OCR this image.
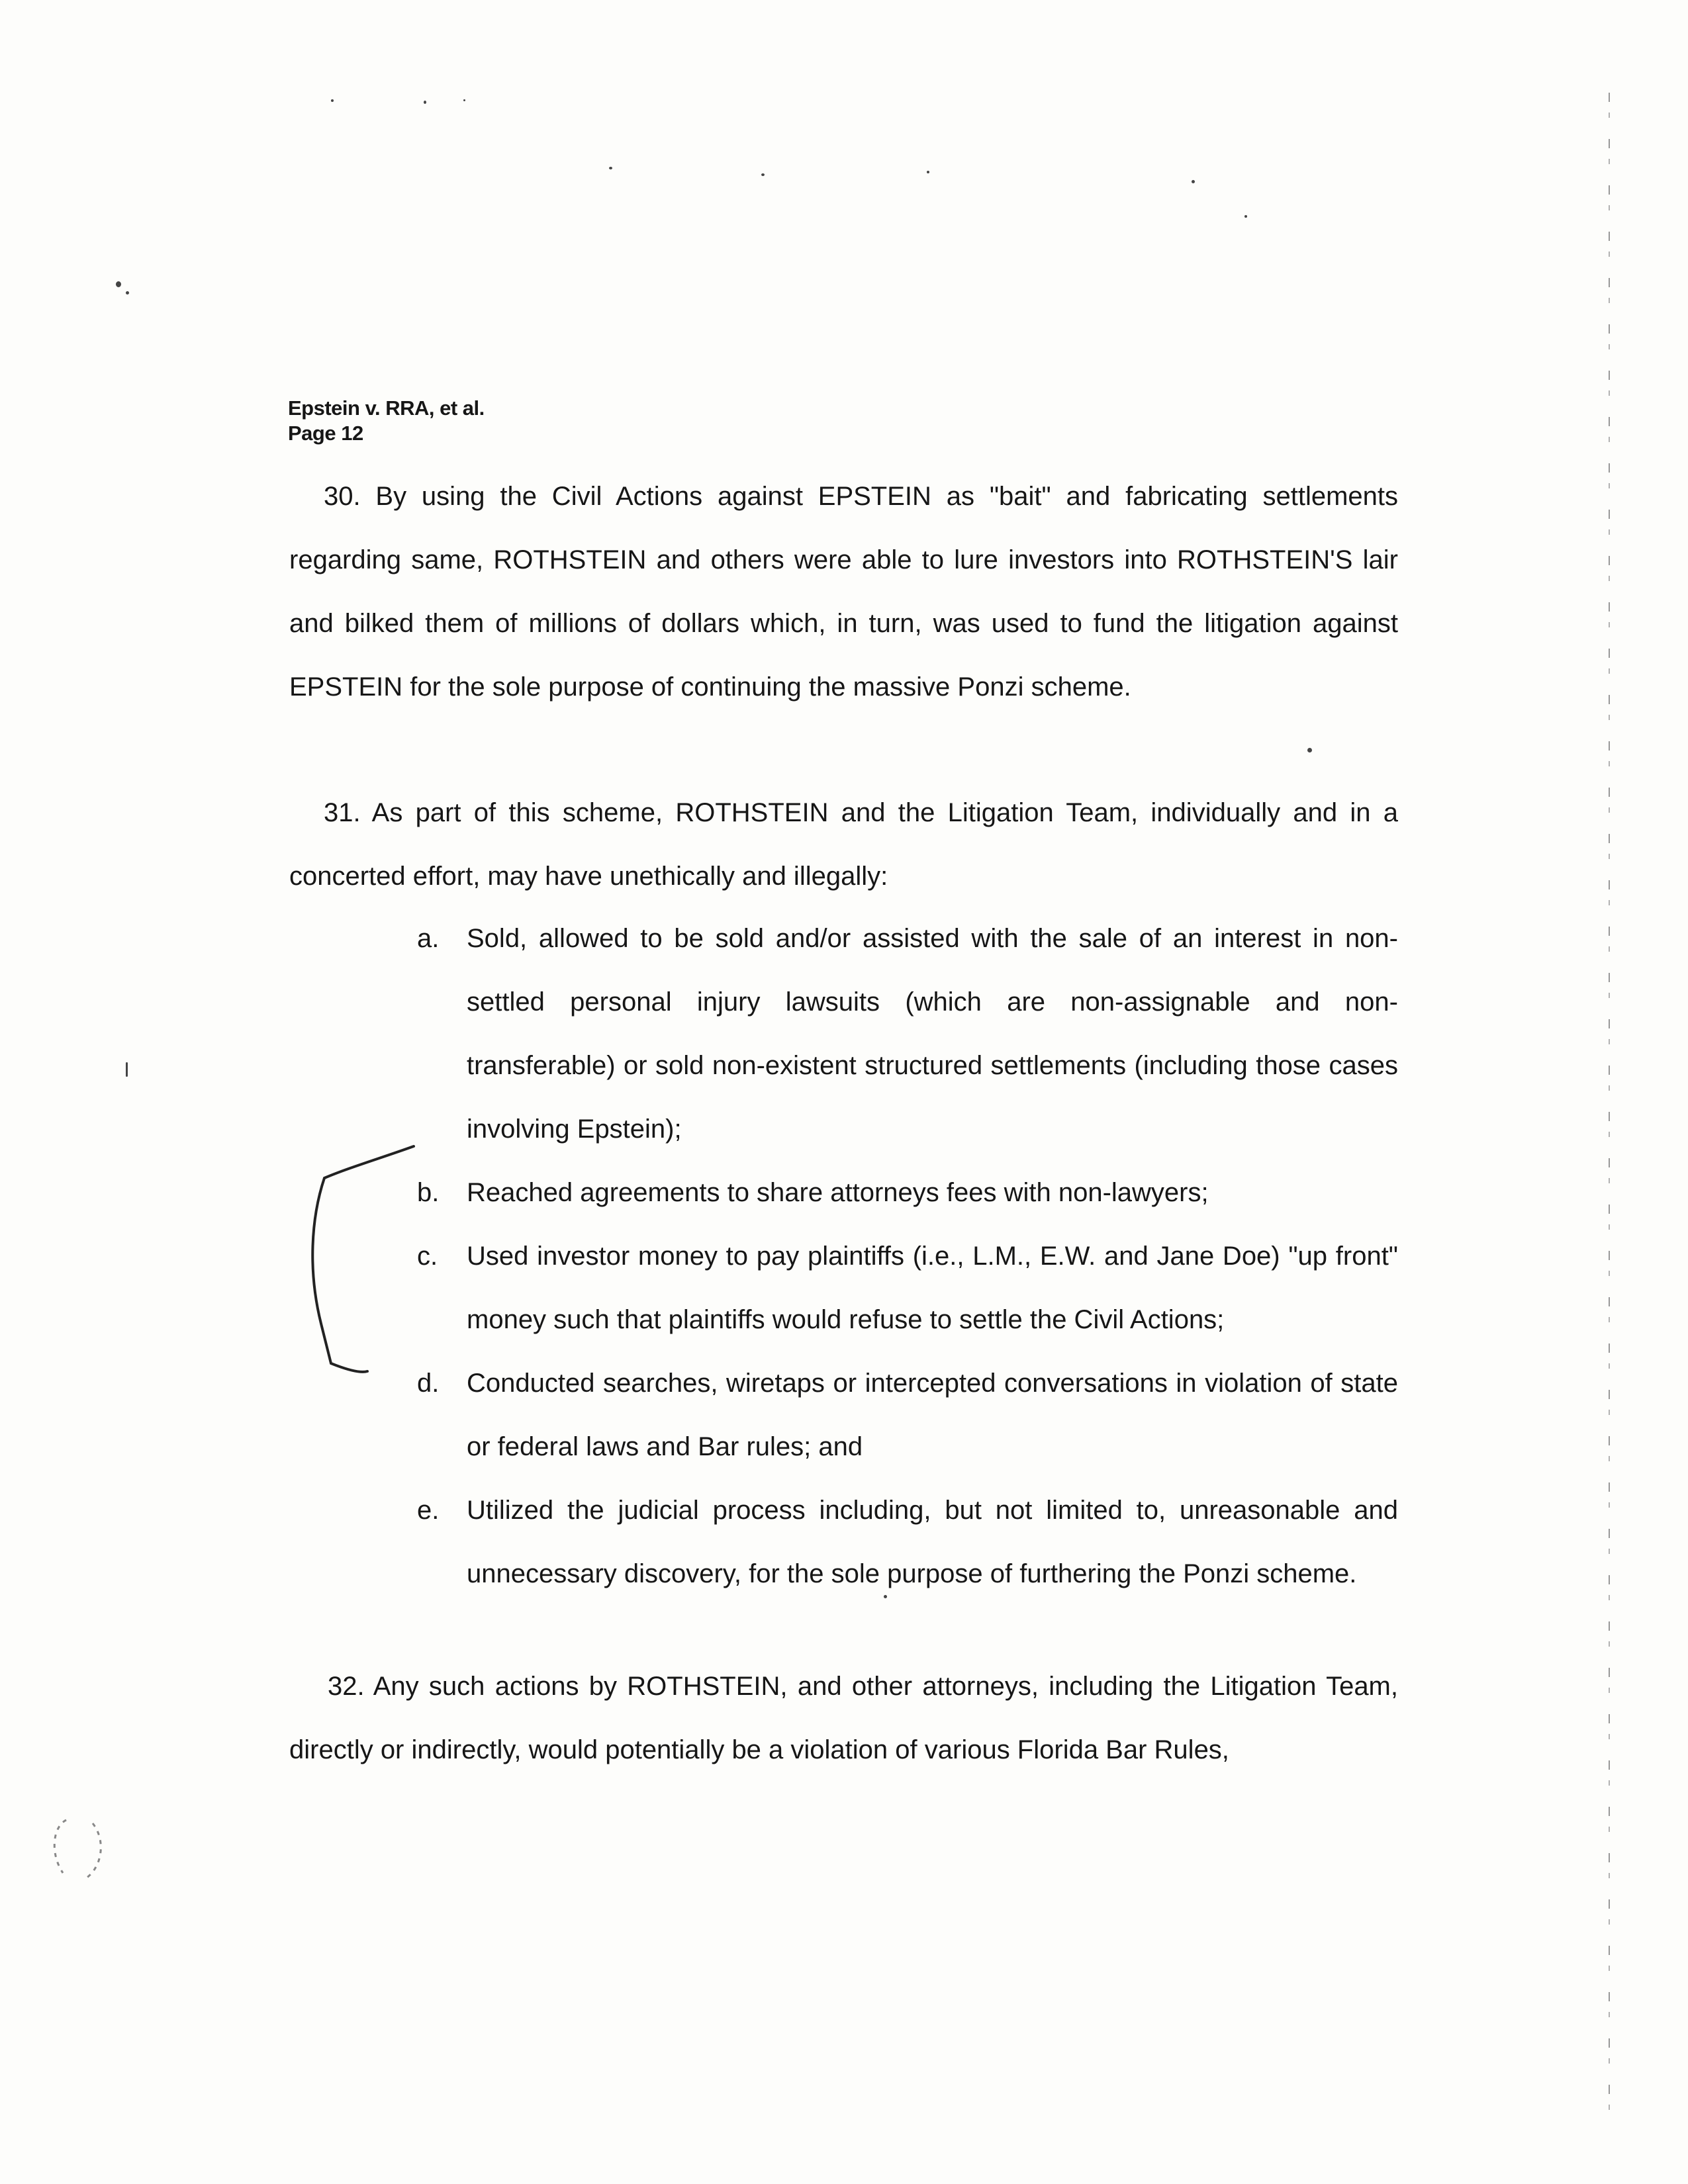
Epstein v. RRA, et al.
Page 12

30. By using the Civil Actions against EPSTEIN as "bait" and fabricating settlements regarding same, ROTHSTEIN and others were able to lure investors into ROTHSTEIN'S lair and bilked them of millions of dollars which, in turn, was used to fund the litigation against EPSTEIN for the sole purpose of continuing the massive Ponzi scheme.

31. As part of this scheme, ROTHSTEIN and the Litigation Team, individually and in a concerted effort, may have unethically and illegally:

a. Sold, allowed to be sold and/or assisted with the sale of an interest in non-settled personal injury lawsuits (which are non-assignable and non-transferable) or sold non-existent structured settlements (including those cases involving Epstein);
b. Reached agreements to share attorneys fees with non-lawyers;
c. Used investor money to pay plaintiffs (i.e., L.M., E.W. and Jane Doe) "up front" money such that plaintiffs would refuse to settle the Civil Actions;
d. Conducted searches, wiretaps or intercepted conversations in violation of state or federal laws and Bar rules; and
e. Utilized the judicial process including, but not limited to, unreasonable and unnecessary discovery, for the sole purpose of furthering the Ponzi scheme.

32. Any such actions by ROTHSTEIN, and other attorneys, including the Litigation Team, directly or indirectly, would potentially be a violation of various Florida Bar Rules,
